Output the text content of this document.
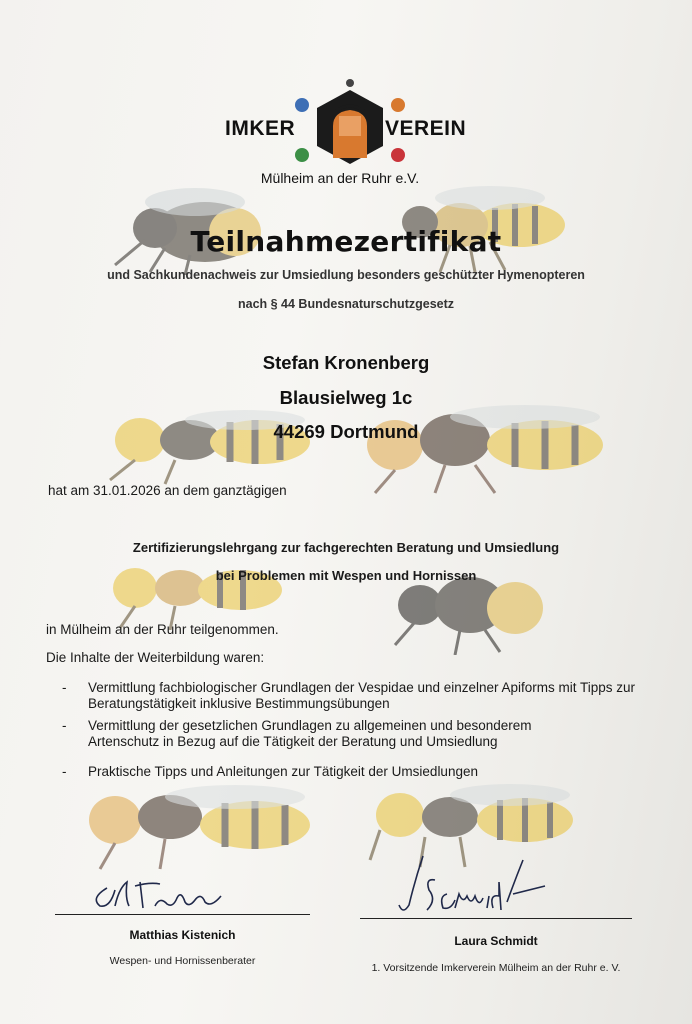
IMKER	VEREIN
Mülheim an der Ruhr e.V.
Teilnahmezertifikat
und Sachkundenachweis zur Umsiedlung besonders geschützter Hymenopteren
nach § 44 Bundesnaturschutzgesetz
Stefan Kronenberg
Blausielweg 1c
44269 Dortmund
hat am 31.01.2026 an dem ganztägigen
Zertifizierungslehrgang zur fachgerechten Beratung und Umsiedlung
bei Problemen mit Wespen und Hornissen
in Mülheim an der Ruhr teilgenommen.
Die Inhalte der Weiterbildung waren:
- Vermittlung fachbiologischer Grundlagen der Vespidae und einzelner Apiforms mit Tipps zur Beratungstätigkeit inklusive Bestimmungsübungen
- Vermittlung der gesetzlichen Grundlagen zu allgemeinen und besonderem Artenschutz in Bezug auf die Tätigkeit der Beratung und Umsiedlung
- Praktische Tipps und Anleitungen zur Tätigkeit der Umsiedlungen
Matthias Kistenich
Wespen- und Hornissenberater
Laura Schmidt
1. Vorsitzende Imkerverein Mülheim an der Ruhr e. V.
